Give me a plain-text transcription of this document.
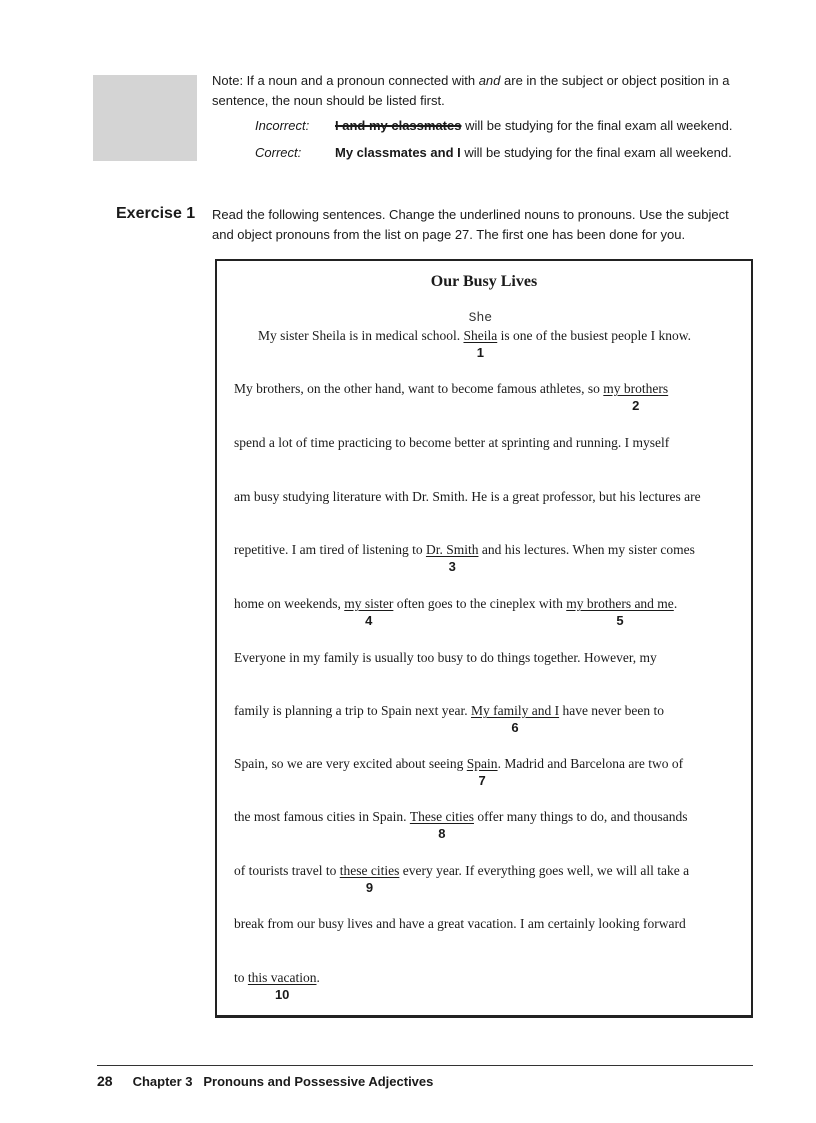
Note: If a noun and a pronoun connected with and are in the subject or object position in a sentence, the noun should be listed first.
Incorrect: I and my classmates will be studying for the final exam all weekend.
Correct:	My classmates and I will be studying for the final exam all weekend.
Exercise 1 Read the following sentences. Change the underlined nouns to pronouns. Use the subject and object pronouns from the list on page 27. The first one has been done for you.
Our Busy Lives
My sister Sheila is in medical school. Sheila
She
1
is one of the busiest people I know.
My brothers, on the other hand, want to become famous athletes, so my brothers
2
spend a lot of time practicing to become better at sprinting and running. I myself
am busy studying literature with Dr. Smith. He is a great professor, but his lectures are
repetitive. I am tired of listening to Dr. Smith
3
and his lectures. When my sister comes
home on weekends, my sister
4
often goes to the cineplex with my brothers and me
5
.
Everyone in my family is usually too busy to do things together. However, my
family is planning a trip to Spain next year. My family and I
6
have never been to
Spain, so we are very excited about seeing Spain
7
. Madrid and Barcelona are two of
the most famous cities in Spain. These cities
8
offer many things to do, and thousands
of tourists travel to these cities
9
every year. If everything goes well, we will all take a
break from our busy lives and have a great vacation. I am certainly looking forward
to this vacation
10
.
28 Chapter 3   Pronouns and Possessive Adjectives
